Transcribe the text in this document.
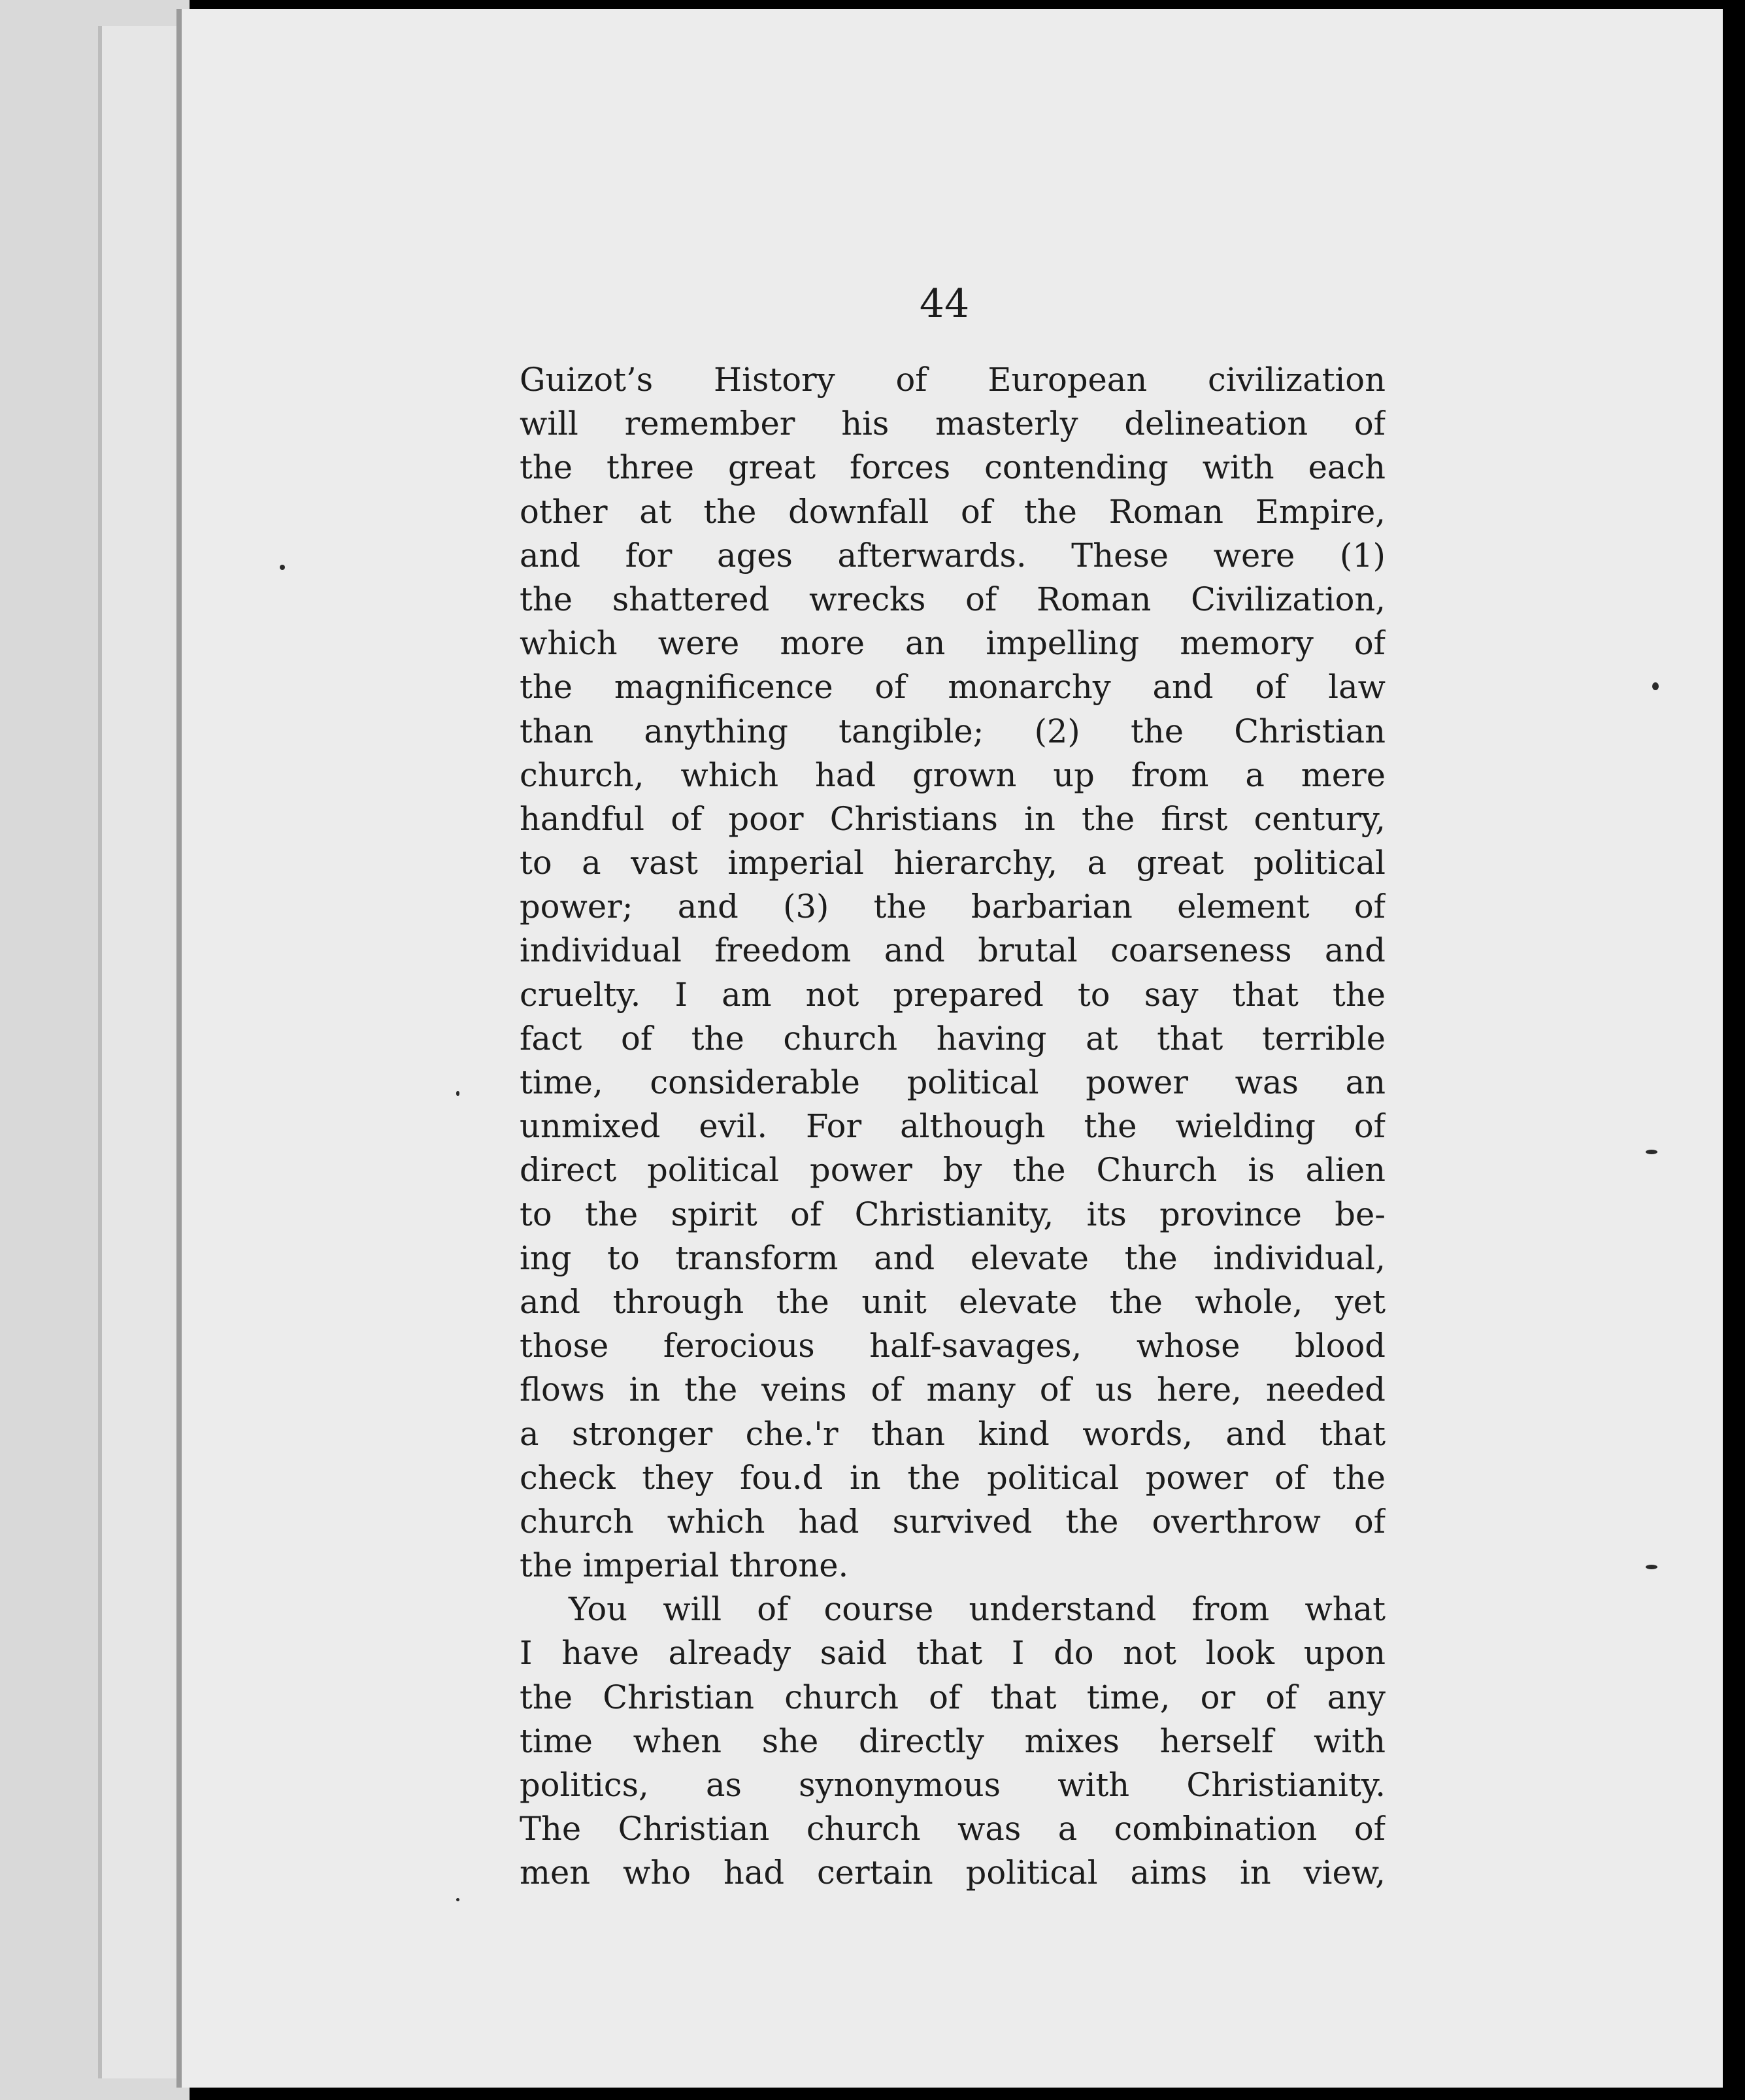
44

Guizot’s History of European civilization
will remember his masterly delineation of
the three great forces contending with each
other at the downfall of the Roman Empire,
and for ages afterwards. These were (1)
the shattered wrecks of Roman Civilization,
which were more an impelling memory of
the magnificence of monarchy and of law
than anything tangible; (2) the Christian
church, which had grown up from a mere
handful of poor Christians in the first century,
to a vast imperial hierarchy, a great political
power; and (3) the barbarian element of
individual freedom and brutal coarseness and
cruelty. I am not prepared to say that the
fact of the church having at that terrible
time, considerable political power was an
unmixed evil. For although the wielding of
direct political power by the Church is alien
to the spirit of Christianity, its province be-
ing to transform and elevate the individual,
and through the unit elevate the whole, yet
those ferocious half-savages, whose blood
flows in the veins of many of us here, needed
a stronger che.'r than kind words, and that
check they fou.d in the political power of the
church which had survived the overthrow of
the imperial throne.
You will of course understand from what
I have already said that I do not look upon
the Christian church of that time, or of any
time when she directly mixes herself with
politics, as synonymous with Christianity.
The Christian church was a combination of
men who had certain political aims in view,
